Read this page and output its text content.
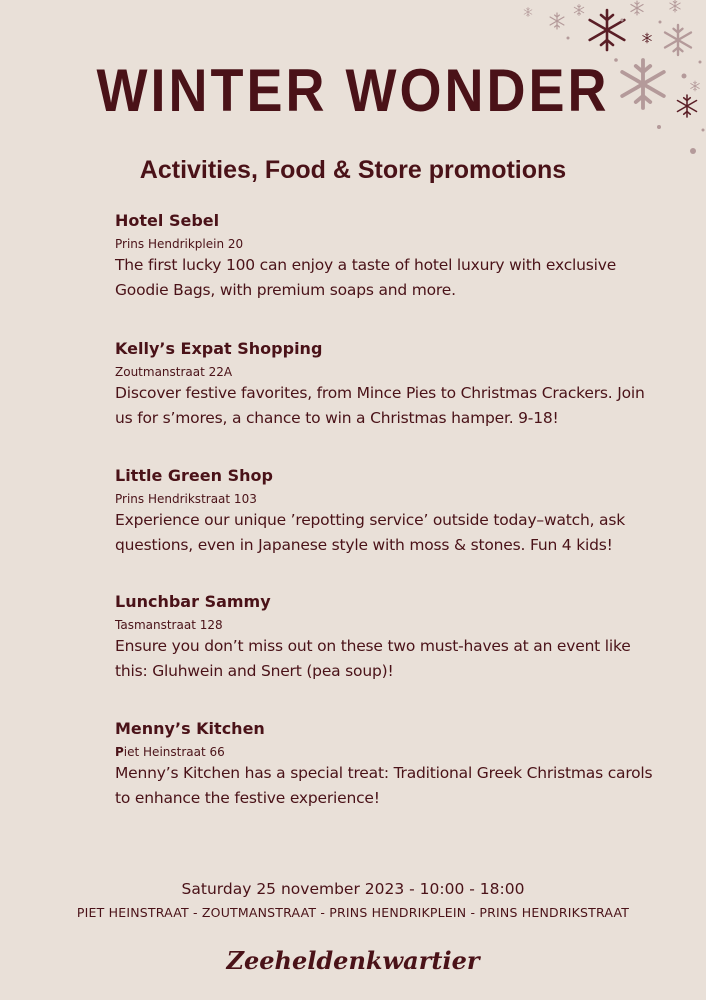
WINTER WONDER
Activities, Food & Store promotions
Hotel Sebel
Prins Hendrikplein 20
The first lucky 100 can enjoy a taste of hotel luxury with exclusive Goodie Bags, with premium soaps and more.
Kelly’s Expat Shopping
Zoutmanstraat 22A
Discover festive favorites, from Mince Pies to Christmas Crackers. Join us for s’mores, a chance to win a Christmas hamper. 9-18!
Little Green Shop
Prins Hendrikstraat 103
Experience our unique ’repotting service’ outside today–watch, ask questions, even in Japanese style with moss & stones. Fun 4 kids!
Lunchbar Sammy
Tasmanstraat 128
Ensure you don’t miss out on these two must-haves at an event like this: Gluhwein and Snert (pea soup)!
Menny’s Kitchen
Piet Heinstraat 66
Menny’s Kitchen has a special treat: Traditional Greek Christmas carols to enhance the festive experience!
Saturday 25 november 2023 - 10:00 - 18:00
PIET HEINSTRAAT - ZOUTMANSTRAAT - PRINS HENDRIKPLEIN - PRINS HENDRIKSTRAAT
Zeeheldenkwartier
